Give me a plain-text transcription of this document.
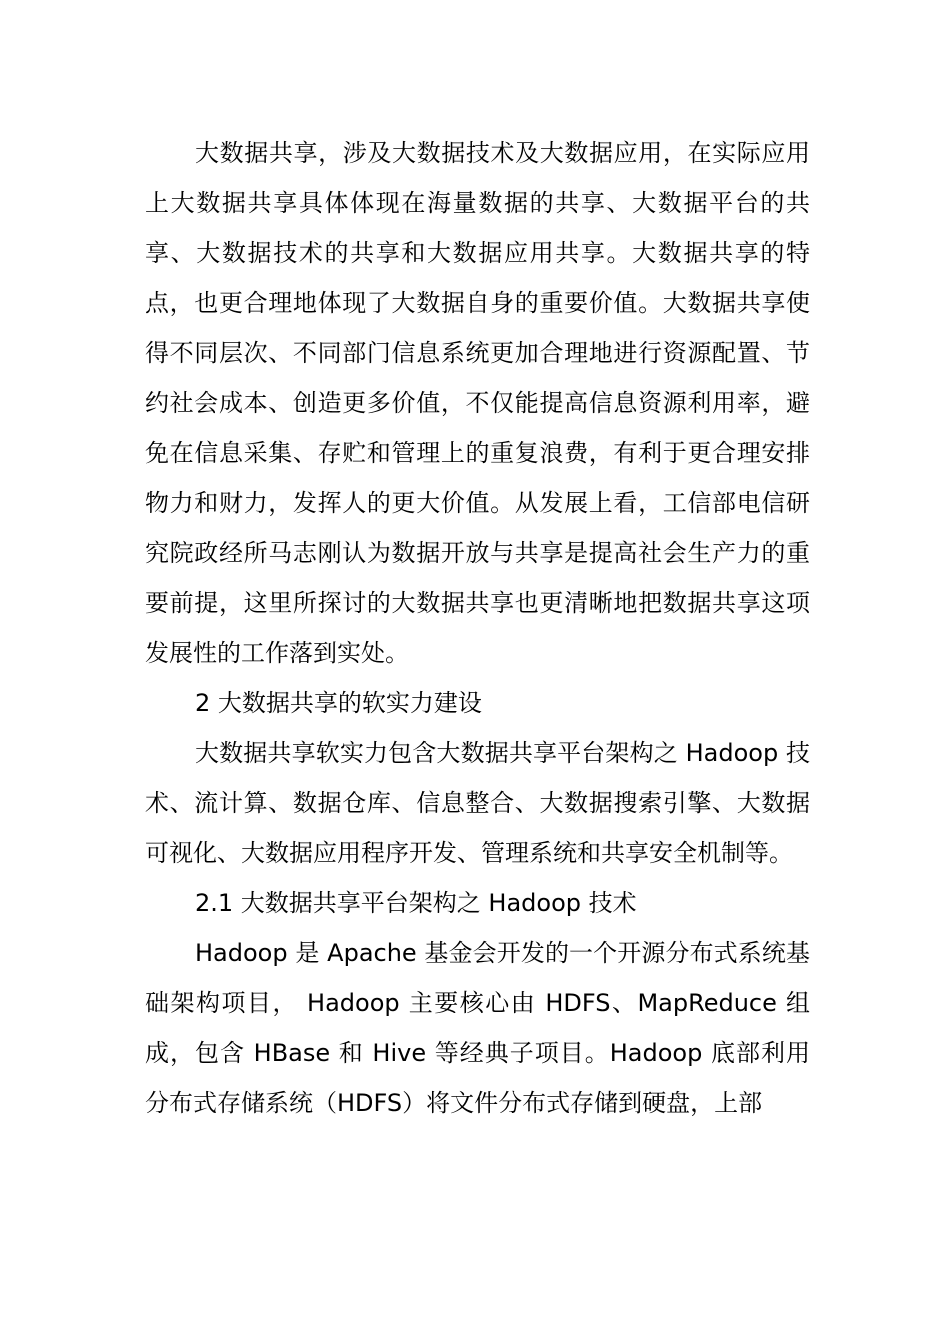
大数据共享，涉及大数据技术及大数据应用，在实际应用上大数据共享具体体现在海量数据的共享、大数据平台的共享、大数据技术的共享和大数据应用共享。大数据共享的特点，也更合理地体现了大数据自身的重要价值。大数据共享使得不同层次、不同部门信息系统更加合理地进行资源配置、节约社会成本、创造更多价值，不仅能提高信息资源利用率，避免在信息采集、存贮和管理上的重复浪费，有利于更合理安排物力和财力，发挥人的更大价值。从发展上看，工信部电信研究院政经所马志刚认为数据开放与共享是提高社会生产力的重要前提，这里所探讨的大数据共享也更清晰地把数据共享这项发展性的工作落到实处。

2 大数据共享的软实力建设

大数据共享软实力包含大数据共享平台架构之 Hadoop 技术、流计算、数据仓库、信息整合、大数据搜索引擎、大数据可视化、大数据应用程序开发、管理系统和共享安全机制等。

2.1 大数据共享平台架构之 Hadoop 技术

Hadoop 是 Apache 基金会开发的一个开源分布式系统基础架构项目， Hadoop 主要核心由 HDFS、MapReduce 组成，包含 HBase 和 Hive 等经典子项目。Hadoop 底部利用分布式存储系统（HDFS）将文件分布式存储到硬盘，上部
